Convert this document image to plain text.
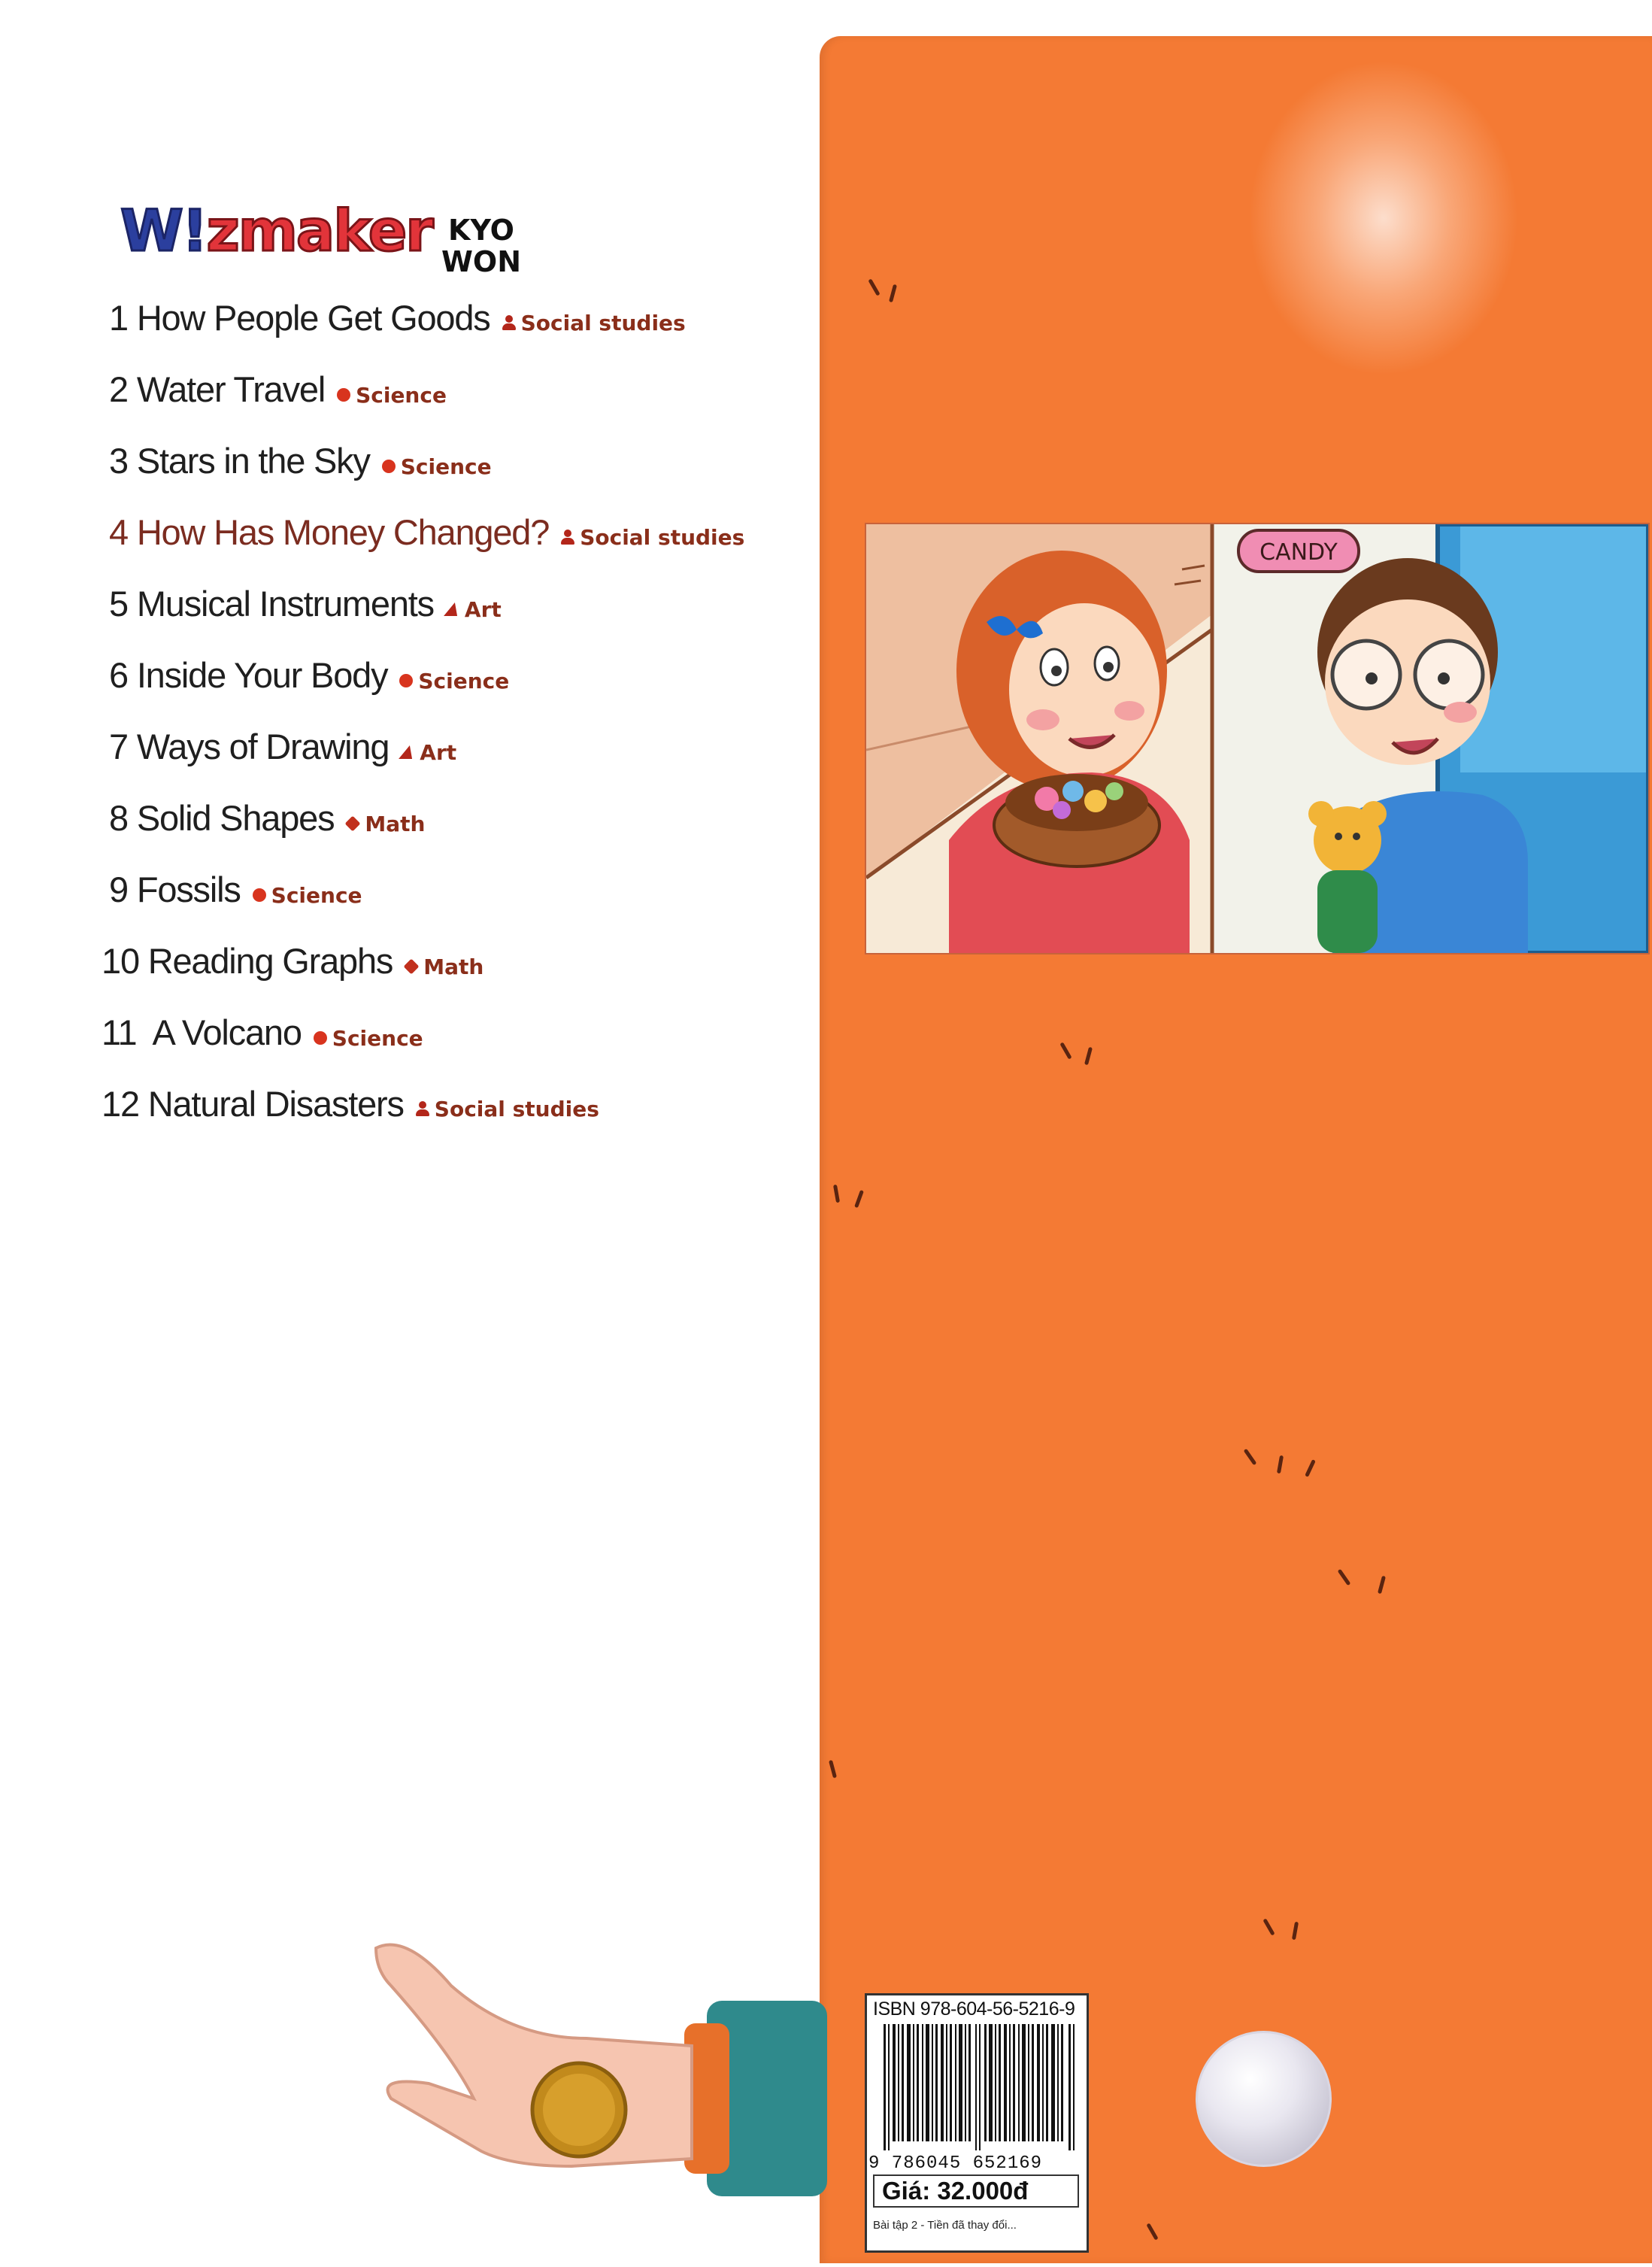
W!zmaker KYO
WON
1 How People Get Goods Social studies
2 Water Travel Science
3 Stars in the Sky Science
4 How Has Money Changed? Social studies
5 Musical Instruments Art
6 Inside Your Body Science
7 Ways of Drawing Art
8 Solid Shapes Math
9 Fossils Science
10 Reading Graphs Math
11 A Volcano Science
12 Natural Disasters Social studies
CANDY
ISBN 978-604-56-5216-9
9 786045 652169
Giá: 32.000đ
Bài tập 2 - Tiền đã thay đổi...
